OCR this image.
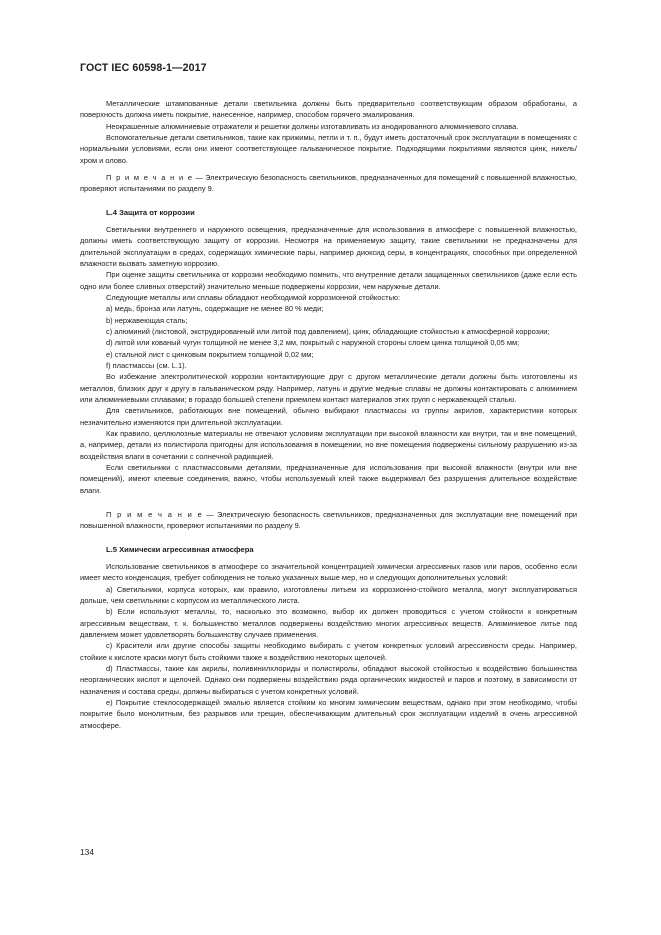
ГОСТ IEC 60598-1—2017

Металлические штампованные детали светильника должны быть предварительно соответствующим образом обработаны, а поверхность должна иметь покрытие, нанесенное, например, способом горячего эмалирования.

Неокрашенные алюминиевые отражатели и решетки должны изготавливать из анодированного алюминиевого сплава.

Вспомогательные детали светильников, такие как прижимы, петли и т. п., будут иметь достаточный срок эксплуатации в помещениях с нормальными условиями, если они имеют соответствующее гальваническое покрытие. Подходящими покрытиями являются цинк, никель/хром и олово.

П р и м е ч а н и е — Электрическую безопасность светильников, предназначенных для помещений с повышенной влажностью, проверяют испытаниями по разделу 9.

L.4 Защита от коррозии

Светильники внутреннего и наружного освещения, предназначенные для использования в атмосфере с повышенной влажностью, должны иметь соответствующую защиту от коррозии. Несмотря на применяемую защиту, такие светильники не предназначены для длительной эксплуатации в средах, содержащих химические пары, например диоксид серы, в концентрациях, способных при определенной влажности вызвать заметную коррозию.

При оценке защиты светильника от коррозии необходимо помнить, что внутренние детали защищенных светильников (даже если есть одно или более сливных отверстий) значительно меньше подвержены коррозии, чем наружные детали.

Следующие металлы или сплавы обладают необходимой коррозионной стойкостью:

а) медь, бронза или латунь, содержащие не менее 80 % меди;

b) нержавеющая сталь;

c) алюминий (листовой, экструдированный или литой под давлением), цинк, обладающие стойкостью к атмосферной коррозии;

d) литой или кованый чугун толщиной не менее 3,2 мм, покрытый с наружной стороны слоем цинка толщиной 0,05 мм;

е) стальной лист с цинковым покрытием толщиной 0,02 мм;

f) пластмассы (см. L.1).

Во избежание электролитической коррозии контактирующие друг с другом металлические детали должны быть изготовлены из металлов, близких друг к другу в гальваническом ряду. Например, латунь и другие медные сплавы не должны контактировать с алюминием или алюминиевыми сплавами; в гораздо большей степени приемлем контакт материалов этих групп с нержавеющей сталью.

Для светильников, работающих вне помещений, обычно выбирают пластмассы из группы акрилов, характеристики которых незначительно изменяются при длительной эксплуатации.

Как правило, целлюлозные материалы не отвечают условиям эксплуатации при высокой влажности как внутри, так и вне помещений, а, например, детали из полистирола пригодны для использования в помещении, но вне помещения подвержены сильному разрушению из-за воздействия влаги в сочетании с солнечной радиацией.

Если светильники с пластмассовыми деталями, предназначенные для использования при высокой влажности (внутри или вне помещений), имеют клеевые соединения, важно, чтобы используемый клей также выдерживал без разрушения длительное воздействие влаги.

П р и м е ч а н и е — Электрическую безопасность светильников, предназначенных для эксплуатации вне помещений при повышенной влажности, проверяют испытаниями по разделу 9.

L.5 Химически агрессивная атмосфера

Использование светильников в атмосфере со значительной концентрацией химически агрессивных газов или паров, особенно если имеет место конденсация, требует соблюдения не только указанных выше мер, но и следующих дополнительных условий:

a) Светильники, корпуса которых, как правило, изготовлены литьем из коррозионно-стойкого металла, могут эксплуатироваться дольше, чем светильники с корпусом из металлического листа.

b) Если используют металлы, то, насколько это возможно, выбор их должен проводиться с учетом стойкости к конкретным агрессивным веществам, т. к. большинство металлов подвержены воздействию многих агрессивных веществ. Алюминиевое литье под давлением может удовлетворять большинству случаев применения.

c) Красители или другие способы защиты необходимо выбирать с учетом конкретных условий агрессивности среды. Например, стойкие к кислоте краски могут быть стойкими также к воздействию некоторых щелочей.

d) Пластмассы, такие как акрилы, поливинилхлориды и полистиролы, обладают высокой стойкостью к воздействию большинства неорганических кислот и щелочей. Однако они подвержены воздействию ряда органических жидкостей и паров и поэтому, в зависимости от назначения и состава среды, должны выбираться с учетом конкретных условий.

e) Покрытие стеклосодержащей эмалью является стойким ко многим химическим веществам, однако при этом необходимо, чтобы покрытие было монолитным, без разрывов или трещин, обеспечивающим длительный срок эксплуатации изделий в очень агрессивной атмосфере.

134
